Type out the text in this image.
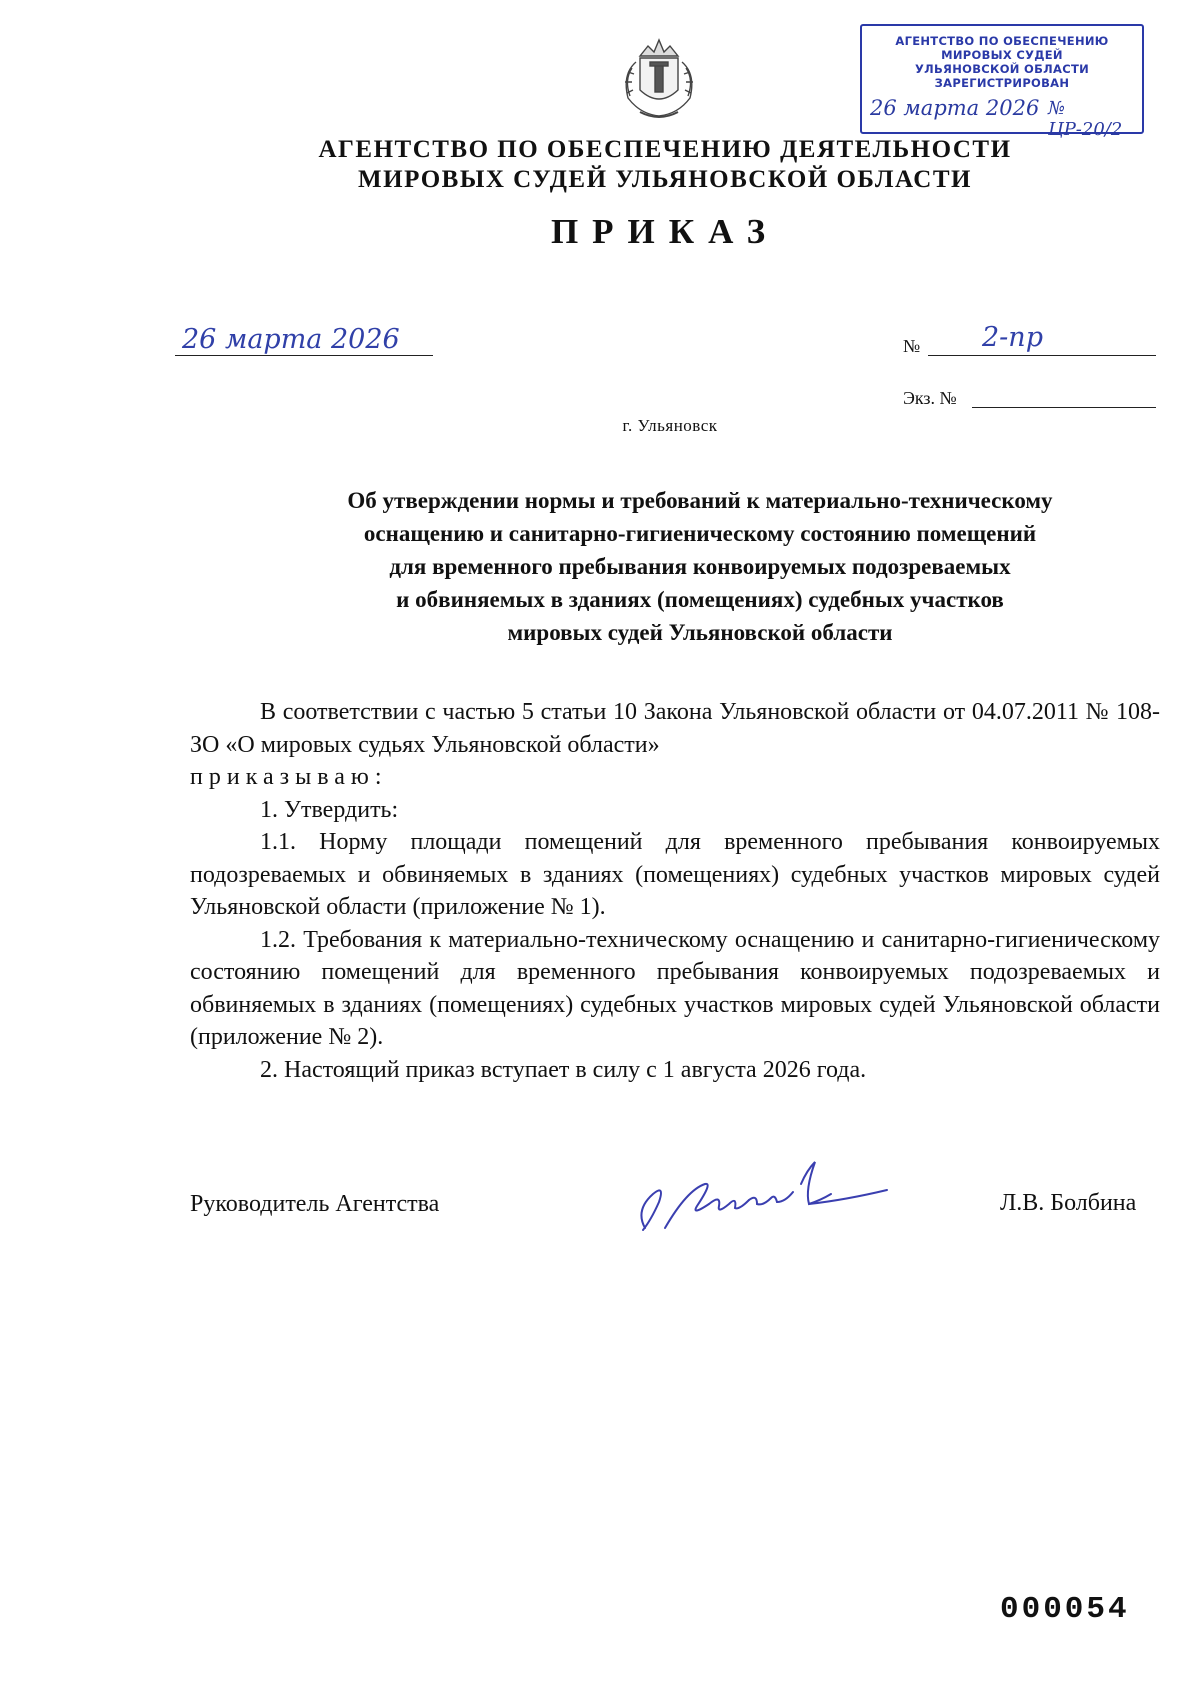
АГЕНТСТВО ПО ОБЕСПЕЧЕНИЮ
МИРОВЫХ СУДЕЙ
УЛЬЯНОВСКОЙ ОБЛАСТИ
ЗАРЕГИСТРИРОВАН
26 марта 2026 № ЦР-20/2
АГЕНТСТВО ПО ОБЕСПЕЧЕНИЮ ДЕЯТЕЛЬНОСТИ
МИРОВЫХ СУДЕЙ УЛЬЯНОВСКОЙ ОБЛАСТИ
ПРИКАЗ
26 марта 2026	№ 2-пр
Экз. №
г. Ульяновск
Об утверждении нормы и требований к материально-техническому
оснащению и санитарно-гигиеническому состоянию помещений
для временного пребывания конвоируемых подозреваемых
и обвиняемых в зданиях (помещениях) судебных участков
мировых судей Ульяновской области
В соответствии с частью 5 статьи 10 Закона Ульяновской области от 04.07.2011 № 108-ЗО «О мировых судьях Ульяновской области»
приказываю:
1. Утвердить:
1.1. Норму площади помещений для временного пребывания конвоируемых подозреваемых и обвиняемых в зданиях (помещениях) судебных участков мировых судей Ульяновской области (приложение № 1).
1.2. Требования к материально-техническому оснащению и санитарно-гигиеническому состоянию помещений для временного пребывания конвоируемых подозреваемых и обвиняемых в зданиях (помещениях) судебных участков мировых судей Ульяновской области (приложение № 2).
2. Настоящий приказ вступает в силу с 1 августа 2026 года.
Руководитель Агентства	Л.В. Болбина
000054
